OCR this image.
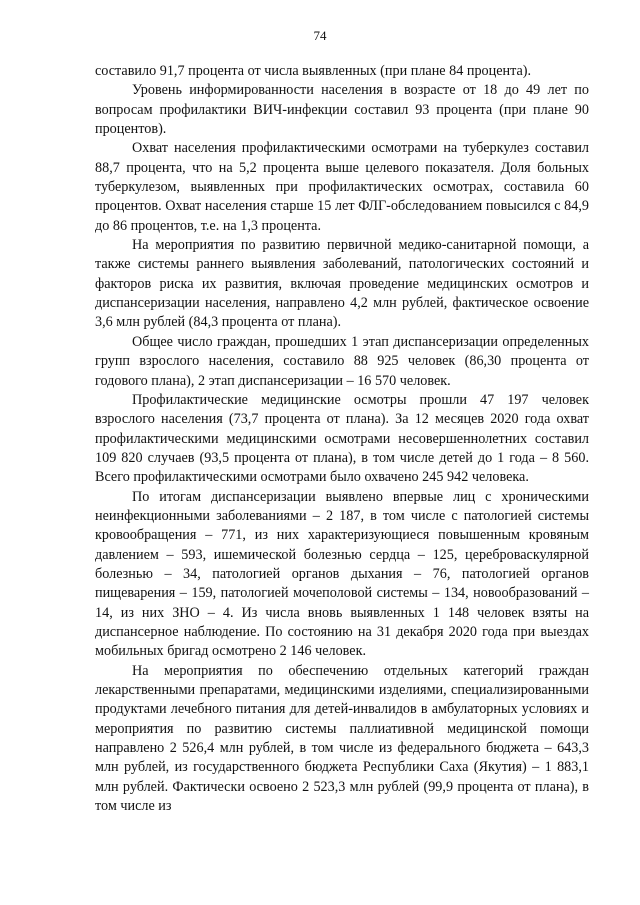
74

составило 91,7 процента от числа выявленных (при плане 84 процента).

Уровень информированности населения в возрасте от 18 до 49 лет по вопросам профилактики ВИЧ-инфекции составил 93 процента (при плане 90 процентов).

Охват населения профилактическими осмотрами на туберкулез составил 88,7 процента, что на 5,2 процента выше целевого показателя. Доля больных туберкулезом, выявленных при профилактических осмотрах, составила 60 процентов. Охват населения старше 15 лет ФЛГ-обследованием повысился с 84,9 до 86 процентов, т.е. на 1,3 процента.

На мероприятия по развитию первичной медико-санитарной помощи, а также системы раннего выявления заболеваний, патологических состояний и факторов риска их развития, включая проведение медицинских осмотров и диспансеризации населения, направлено 4,2 млн рублей, фактическое освоение 3,6 млн рублей (84,3 процента от плана).

Общее число граждан, прошедших 1 этап диспансеризации определенных групп взрослого населения, составило 88 925 человек (86,30 процента от годового плана), 2 этап диспансеризации – 16 570 человек.

Профилактические медицинские осмотры прошли 47 197 человек взрослого населения (73,7 процента от плана). За 12 месяцев 2020 года охват профилактическими медицинскими осмотрами несовершеннолетних составил 109 820 случаев (93,5 процента от плана), в том числе детей до 1 года – 8 560. Всего профилактическими осмотрами было охвачено 245 942 человека.

По итогам диспансеризации выявлено впервые лиц с хроническими неинфекционными заболеваниями – 2 187, в том числе с патологией системы кровообращения – 771, из них характеризующиеся повышенным кровяным давлением – 593, ишемической болезнью сердца – 125, цереброваскулярной болезнью – 34, патологией органов дыхания – 76, патологией органов пищеварения – 159, патологией мочеполовой системы – 134, новообразований – 14, из них ЗНО – 4. Из числа вновь выявленных 1 148 человек взяты на диспансерное наблюдение. По состоянию на 31 декабря 2020 года при выездах мобильных бригад осмотрено 2 146 человек.

На мероприятия по обеспечению отдельных категорий граждан лекарственными препаратами, медицинскими изделиями, специализированными продуктами лечебного питания для детей-инвалидов в амбулаторных условиях и мероприятия по развитию системы паллиативной медицинской помощи направлено 2 526,4 млн рублей, в том числе из федерального бюджета – 643,3 млн рублей, из государственного бюджета Республики Саха (Якутия) – 1 883,1 млн рублей. Фактически освоено 2 523,3 млн рублей (99,9 процента от плана), в том числе из
